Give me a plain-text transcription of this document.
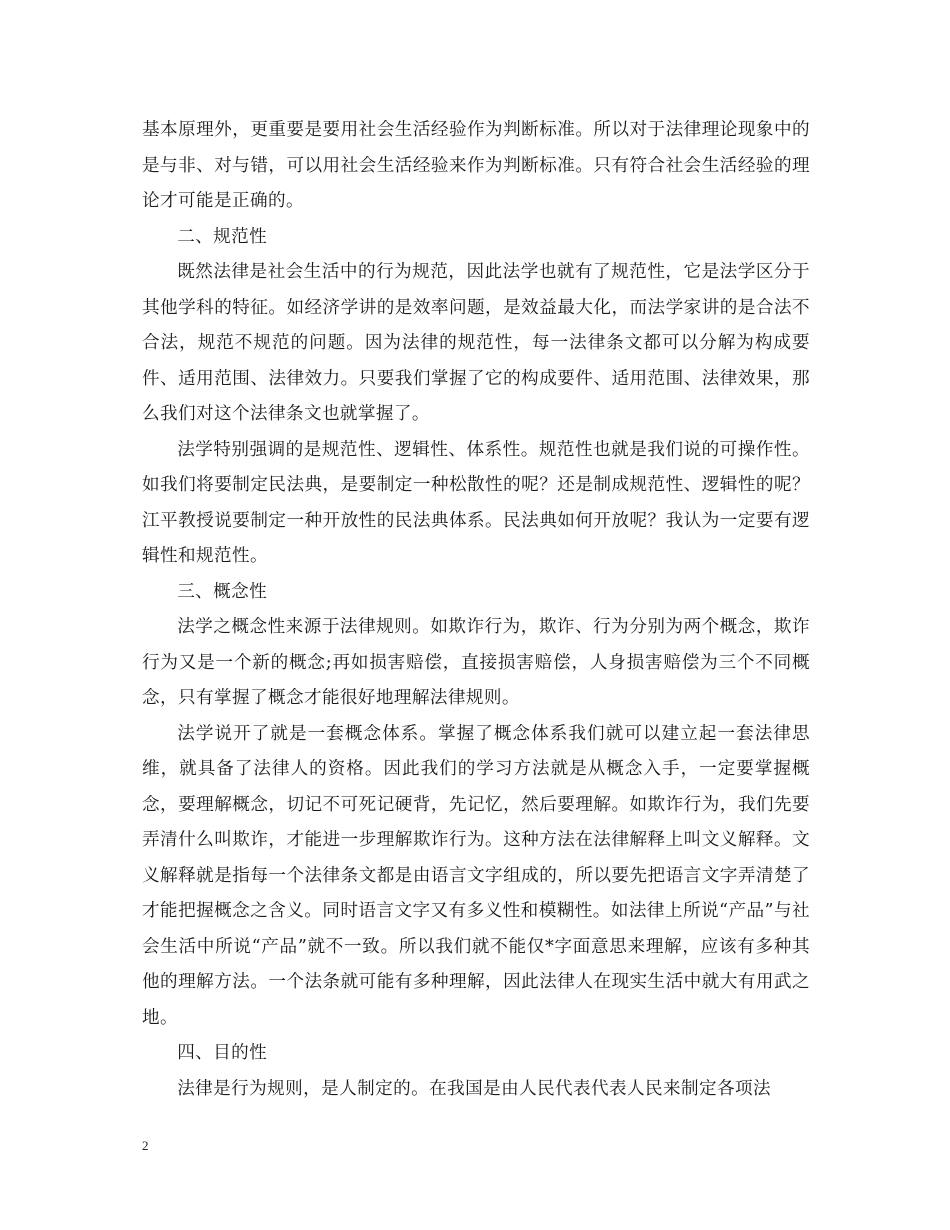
基本原理外，更重要是要用社会生活经验作为判断标准。所以对于法律理论现象中的是与非、对与错，可以用社会生活经验来作为判断标准。只有符合社会生活经验的理论才可能是正确的。

二、规范性

既然法律是社会生活中的行为规范，因此法学也就有了规范性，它是法学区分于其他学科的特征。如经济学讲的是效率问题，是效益最大化，而法学家讲的是合法不合法，规范不规范的问题。因为法律的规范性，每一法律条文都可以分解为构成要件、适用范围、法律效力。只要我们掌握了它的构成要件、适用范围、法律效果，那么我们对这个法律条文也就掌握了。

法学特别强调的是规范性、逻辑性、体系性。规范性也就是我们说的可操作性。如我们将要制定民法典，是要制定一种松散性的呢？还是制成规范性、逻辑性的呢？江平教授说要制定一种开放性的民法典体系。民法典如何开放呢？我认为一定要有逻辑性和规范性。

三、概念性

法学之概念性来源于法律规则。如欺诈行为，欺诈、行为分别为两个概念，欺诈行为又是一个新的概念;再如损害赔偿，直接损害赔偿，人身损害赔偿为三个不同概念，只有掌握了概念才能很好地理解法律规则。

法学说开了就是一套概念体系。掌握了概念体系我们就可以建立起一套法律思维，就具备了法律人的资格。因此我们的学习方法就是从概念入手，一定要掌握概念，要理解概念，切记不可死记硬背，先记忆，然后要理解。如欺诈行为，我们先要弄清什么叫欺诈，才能进一步理解欺诈行为。这种方法在法律解释上叫文义解释。文义解释就是指每一个法律条文都是由语言文字组成的，所以要先把语言文字弄清楚了才能把握概念之含义。同时语言文字又有多义性和模糊性。如法律上所说“产品”与社会生活中所说“产品”就不一致。所以我们就不能仅*字面意思来理解，应该有多种其他的理解方法。一个法条就可能有多种理解，因此法律人在现实生活中就大有用武之地。

四、目的性

法律是行为规则，是人制定的。在我国是由人民代表代表人民来制定各项法

2
